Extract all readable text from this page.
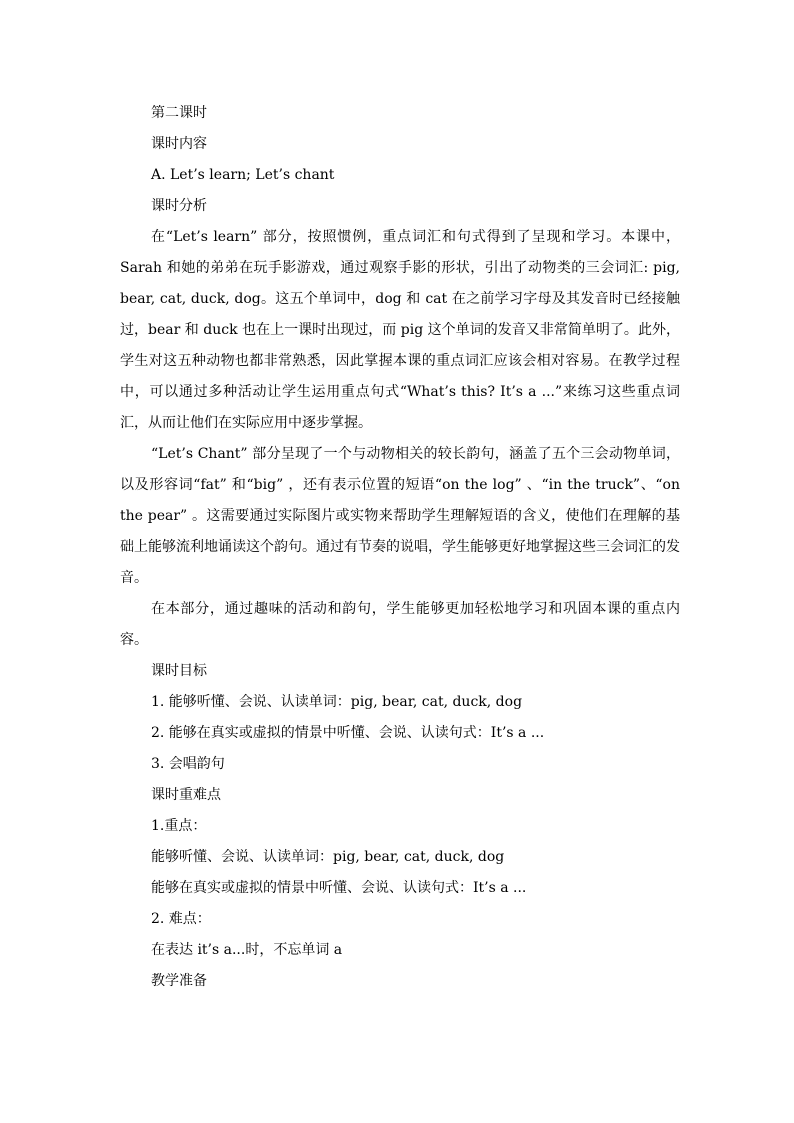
第二课时

课时内容

A. Let’s learn; Let’s chant

课时分析

在“Let’s learn” 部分，按照惯例，重点词汇和句式得到了呈现和学习。本课中，Sarah 和她的弟弟在玩手影游戏，通过观察手影的形状，引出了动物类的三会词汇: pig, bear, cat, duck, dog。这五个单词中，dog 和 cat 在之前学习字母及其发音时已经接触过，bear 和 duck 也在上一课时出现过，而 pig 这个单词的发音又非常简单明了。此外，学生对这五种动物也都非常熟悉，因此掌握本课的重点词汇应该会相对容易。在教学过程中，可以通过多种活动让学生运用重点句式“What’s this? It’s a ...”来练习这些重点词汇，从而让他们在实际应用中逐步掌握。

“Let’s Chant” 部分呈现了一个与动物相关的较长韵句，涵盖了五个三会动物单词，以及形容词“fat” 和“big” ，还有表示位置的短语“on the log” 、“in the truck”、“on the pear” 。这需要通过实际图片或实物来帮助学生理解短语的含义，使他们在理解的基础上能够流利地诵读这个韵句。通过有节奏的说唱，学生能够更好地掌握这些三会词汇的发音。

在本部分，通过趣味的活动和韵句，学生能够更加轻松地学习和巩固本课的重点内容。

课时目标

1. 能够听懂、会说、认读单词：pig, bear, cat, duck, dog

2. 能够在真实或虚拟的情景中听懂、会说、认读句式：It’s a ...

3. 会唱韵句

课时重难点

1.重点：

能够听懂、会说、认读单词：pig, bear, cat, duck, dog

能够在真实或虚拟的情景中听懂、会说、认读句式：It’s a ...

2. 难点：

在表达 it’s a...时，不忘单词 a

教学准备
